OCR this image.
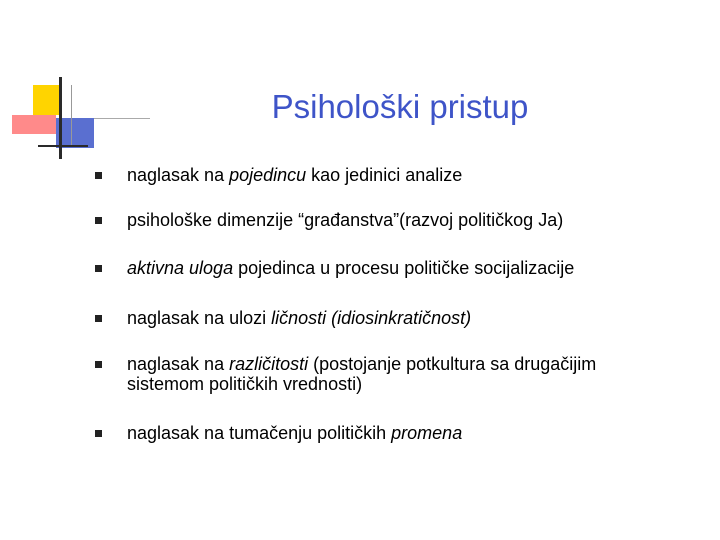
Psihološki pristup
naglasak na pojedincu kao jedinici analize
psihološke dimenzije “građanstva”(razvoj političkog Ja)
aktivna uloga pojedinca u procesu političke socijalizacije
naglasak na ulozi ličnosti (idiosinkratičnost)
naglasak na različitosti (postojanje potkultura sa drugačijim
sistemom političkih vrednosti)
naglasak na tumačenju političkih promena
